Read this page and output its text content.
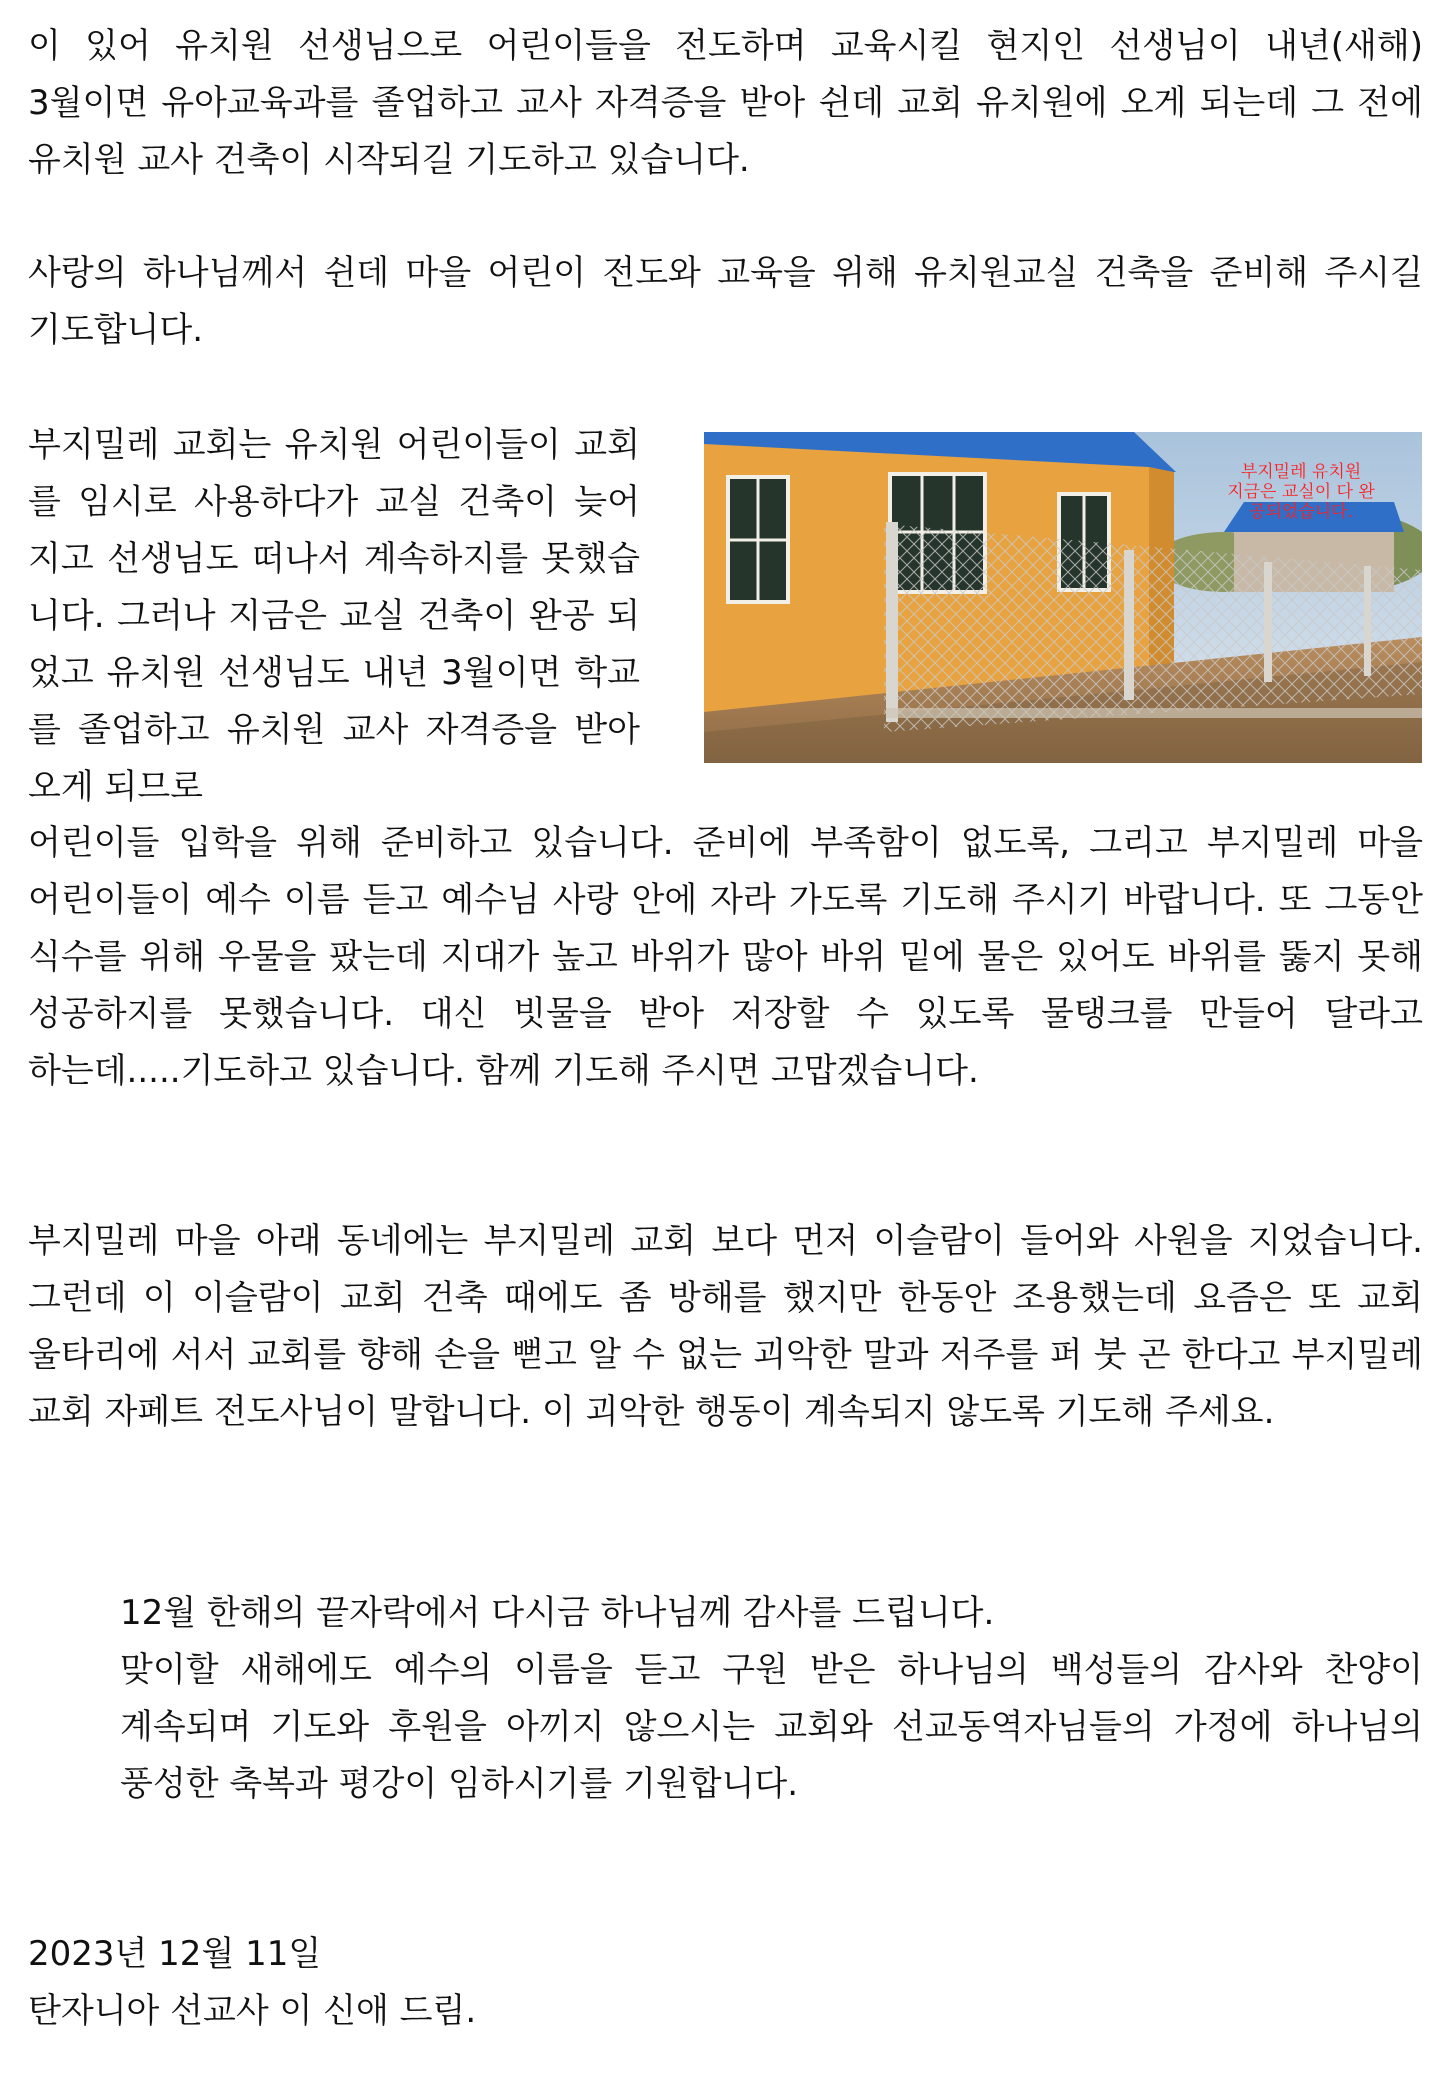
이 있어 유치원 선생님으로 어린이들을 전도하며 교육시킬 현지인 선생님이 내년(새해) 3월이면 유아교육과를 졸업하고 교사 자격증을 받아 쉰데 교회 유치원에 오게 되는데 그 전에 유치원 교사 건축이 시작되길 기도하고 있습니다.

사랑의 하나님께서 쉰데 마을 어린이 전도와 교육을 위해 유치원교실 건축을 준비해 주시길 기도합니다.

부지밀레 교회는 유치원 어린이들이 교회를 임시로 사용하다가 교실 건축이 늦어지고 선생님도 떠나서 계속하지를 못했습니다. 그러나 지금은 교실 건축이 완공 되었고 유치원 선생님도 내년 3월이면 학교를 졸업하고 유치원 교사 자격증을 받아 오게 되므로

부지밀레 유치원
지금은 교실이 다 완
공되었습니다.

어린이들 입학을 위해 준비하고 있습니다. 준비에 부족함이 없도록, 그리고 부지밀레 마을 어린이들이 예수 이름 듣고 예수님 사랑 안에 자라 가도록 기도해 주시기 바랍니다. 또 그동안 식수를 위해 우물을 팠는데 지대가 높고 바위가 많아 바위 밑에 물은 있어도 바위를 뚫지 못해 성공하지를 못했습니다. 대신 빗물을 받아 저장할 수 있도록 물탱크를 만들어 달라고 하는데.....기도하고 있습니다. 함께 기도해 주시면 고맙겠습니다.

부지밀레 마을 아래 동네에는 부지밀레 교회 보다 먼저 이슬람이 들어와 사원을 지었습니다. 그런데 이 이슬람이 교회 건축 때에도 좀 방해를 했지만 한동안 조용했는데 요즘은 또 교회 울타리에 서서 교회를 향해 손을 뻗고 알 수 없는 괴악한 말과 저주를 퍼 붓 곤 한다고 부지밀레 교회 자페트 전도사님이 말합니다. 이 괴악한 행동이 계속되지 않도록 기도해 주세요.

12월 한해의 끝자락에서 다시금 하나님께 감사를 드립니다.
맞이할 새해에도 예수의 이름을 듣고 구원 받은 하나님의 백성들의 감사와 찬양이 계속되며 기도와 후원을 아끼지 않으시는 교회와 선교동역자님들의 가정에 하나님의 풍성한 축복과 평강이 임하시기를 기원합니다.
2023년 12월 11일
탄자니아 선교사 이 신애 드림.
